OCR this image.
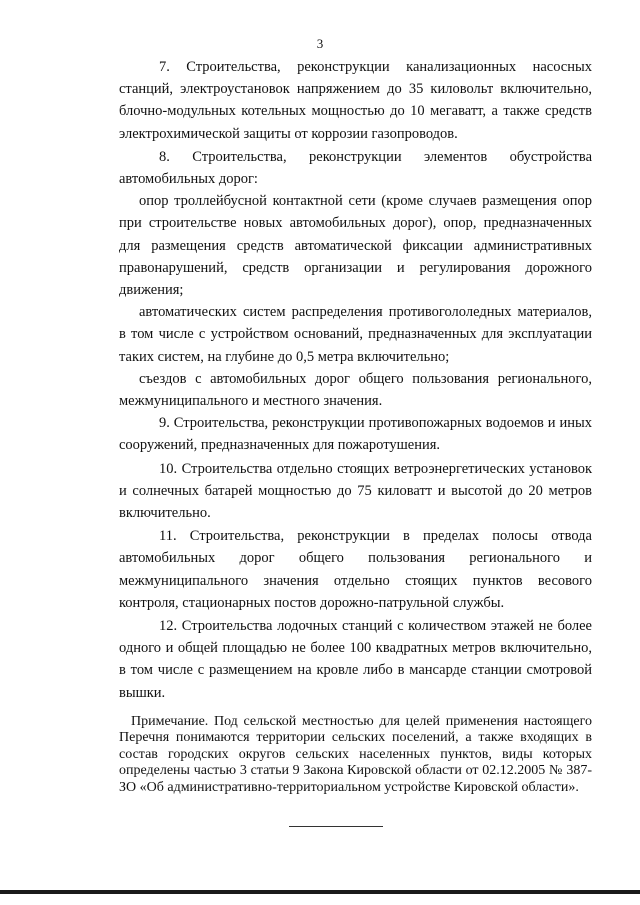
3

7. Строительства, реконструкции канализационных насосных станций, электроустановок напряжением до 35 киловольт включительно, блочно-модульных котельных мощностью до 10 мегаватт, а также средств электрохимической защиты от коррозии газопроводов.

8. Строительства, реконструкции элементов обустройства автомобильных дорог:

опор троллейбусной контактной сети (кроме случаев размещения опор при строительстве новых автомобильных дорог), опор, предназначенных для размещения средств автоматической фиксации административных правонарушений, средств организации и регулирования дорожного движения;

автоматических систем распределения противогололедных материалов, в том числе с устройством оснований, предназначенных для эксплуатации таких систем, на глубине до 0,5 метра включительно;

съездов с автомобильных дорог общего пользования регионального, межмуниципального и местного значения.

9. Строительства, реконструкции противопожарных водоемов и иных сооружений, предназначенных для пожаротушения.

10. Строительства отдельно стоящих ветроэнергетических установок и солнечных батарей мощностью до 75 киловатт и высотой до 20 метров включительно.

11. Строительства, реконструкции в пределах полосы отвода автомобильных дорог общего пользования регионального и межмуниципального значения отдельно стоящих пунктов весового контроля, стационарных постов дорожно-патрульной службы.

12. Строительства лодочных станций с количеством этажей не более одного и общей площадью не более 100 квадратных метров включительно, в том числе с размещением на кровле либо в мансарде станции смотровой вышки.

Примечание. Под сельской местностью для целей применения настоящего Перечня понимаются территории сельских поселений, а также входящих в состав городских округов сельских населенных пунктов, виды которых определены частью 3 статьи 9 Закона Кировской области от 02.12.2005 № 387-ЗО «Об административно-территориальном устройстве Кировской области».
